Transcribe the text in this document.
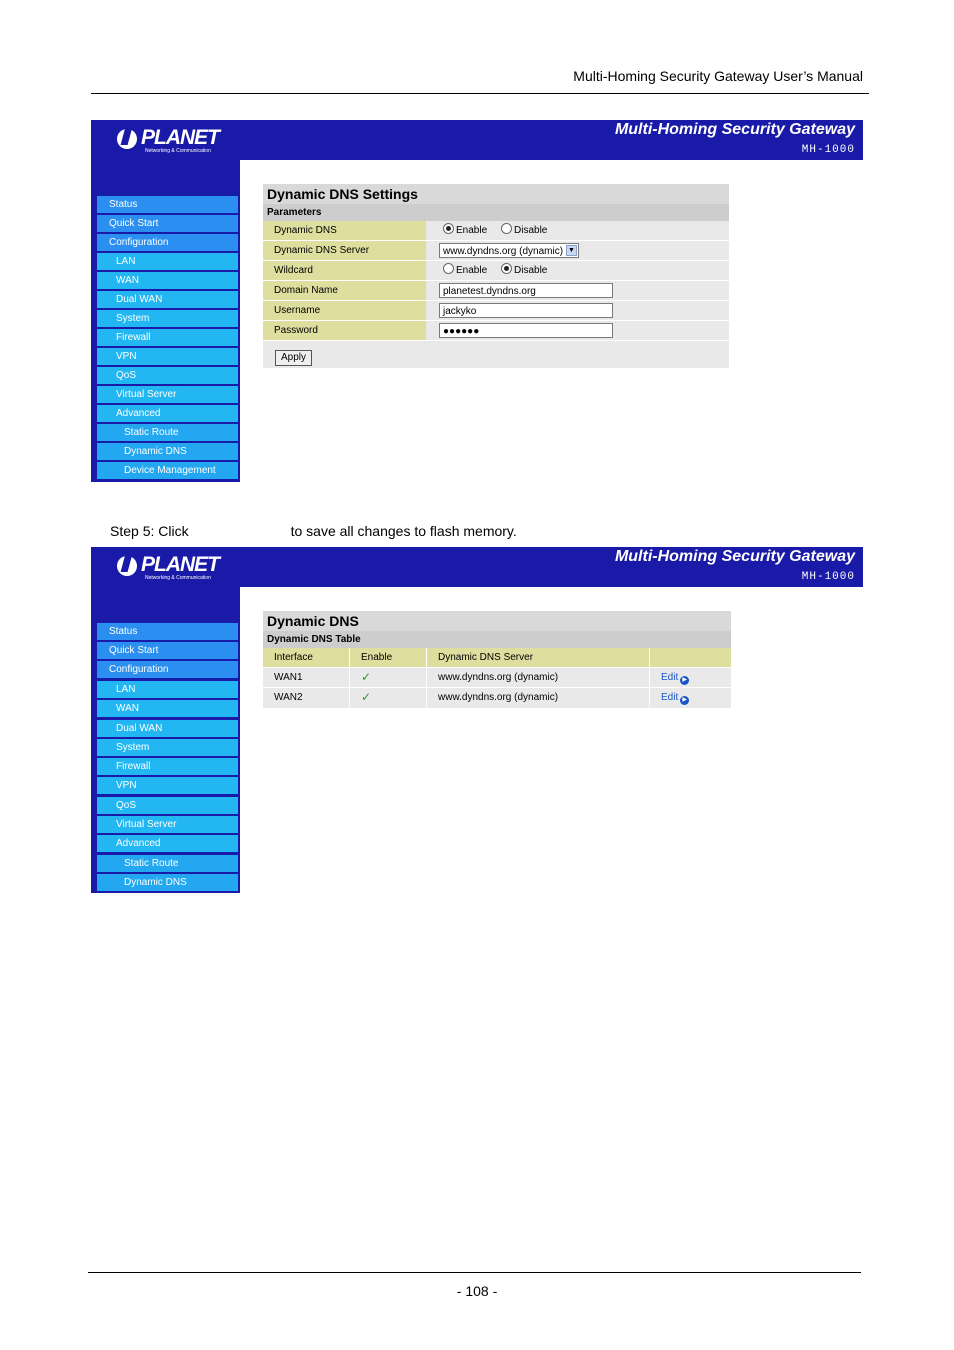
Multi-Homing Security Gateway User’s Manual
PLANET
Networking & Communication
Multi-Homing Security Gateway
MH-1000
Status
Quick Start
Configuration
LAN
WAN
Dual WAN
System
Firewall
VPN
QoS
Virtual Server
Advanced
Static Route
Dynamic DNS
Device Management
Dynamic DNS Settings
Parameters
Dynamic DNS	Enable	Disable
Dynamic DNS Server	www.dyndns.org (dynamic) ▼
Wildcard	Enable	Disable
Domain Name	planetest.dyndns.org
Username	jackyko
Password	●●●●●●
Apply
Step 5: Click	to save all changes to flash memory.
PLANET
Networking & Communication
Multi-Homing Security Gateway
MH-1000
Status
Quick Start
Configuration
LAN
WAN
Dual WAN
System
Firewall
VPN
QoS
Virtual Server
Advanced
Static Route
Dynamic DNS
Dynamic DNS
Dynamic DNS Table
Interface	Enable	Dynamic DNS Server
WAN1	✓	www.dyndns.org (dynamic)	Edit ▶
WAN2	✓	www.dyndns.org (dynamic)	Edit ▶
- 108 -
